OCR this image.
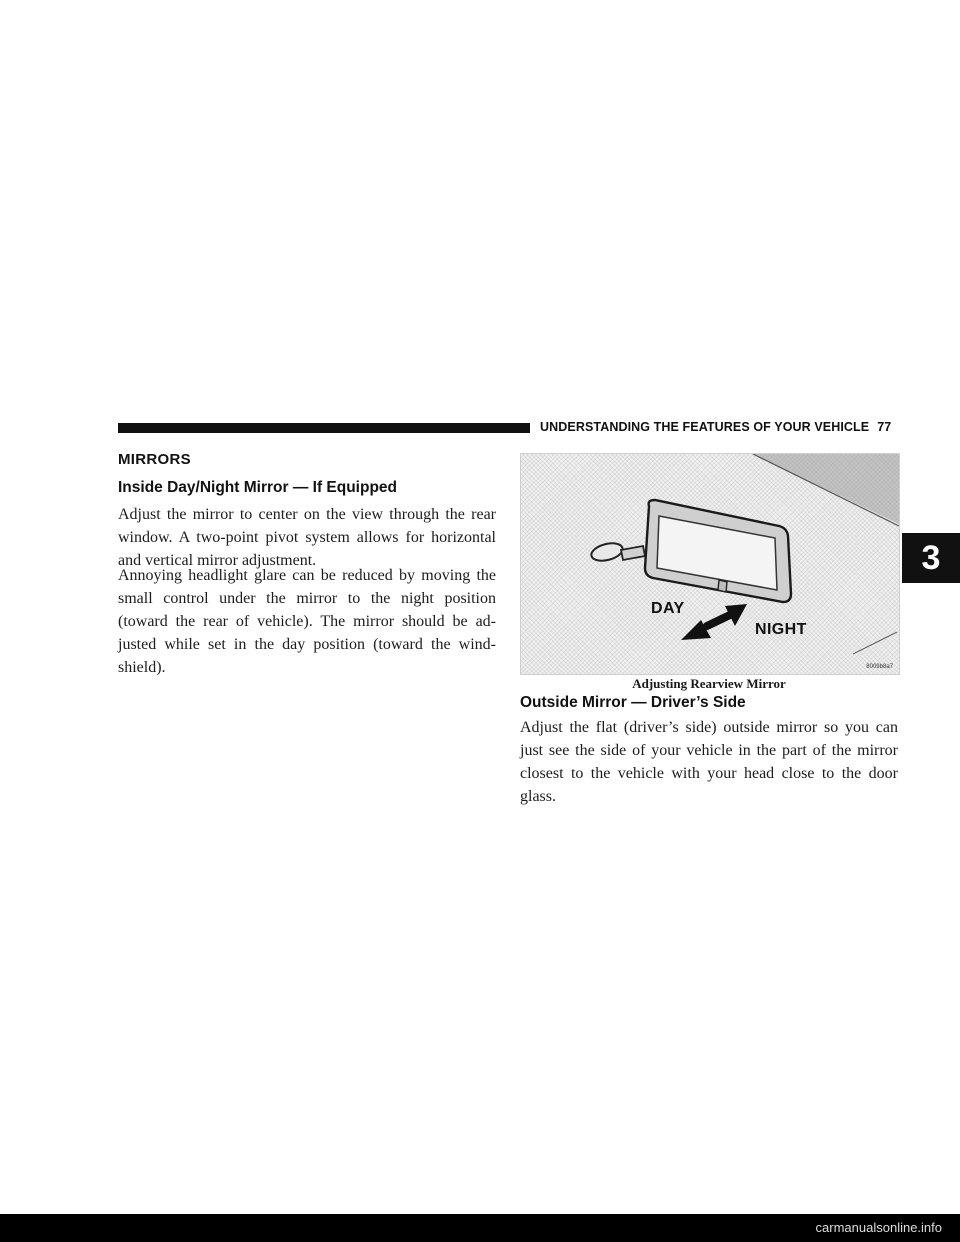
UNDERSTANDING THE FEATURES OF YOUR VEHICLE 77
3
MIRRORS
Inside Day/Night Mirror — If Equipped
Adjust the mirror to center on the view through the rear window. A two-point pivot system allows for horizontal and vertical mirror adjustment.
Annoying headlight glare can be reduced by moving the small control under the mirror to the night position (toward the rear of vehicle). The mirror should be ad-justed while set in the day position (toward the wind-shield).
DAY
NIGHT
8009b8a7
Adjusting Rearview Mirror
Outside Mirror — Driver’s Side
Adjust the flat (driver’s side) outside mirror so you can just see the side of your vehicle in the part of the mirror closest to the vehicle with your head close to the door glass.
carmanualsonline.info
